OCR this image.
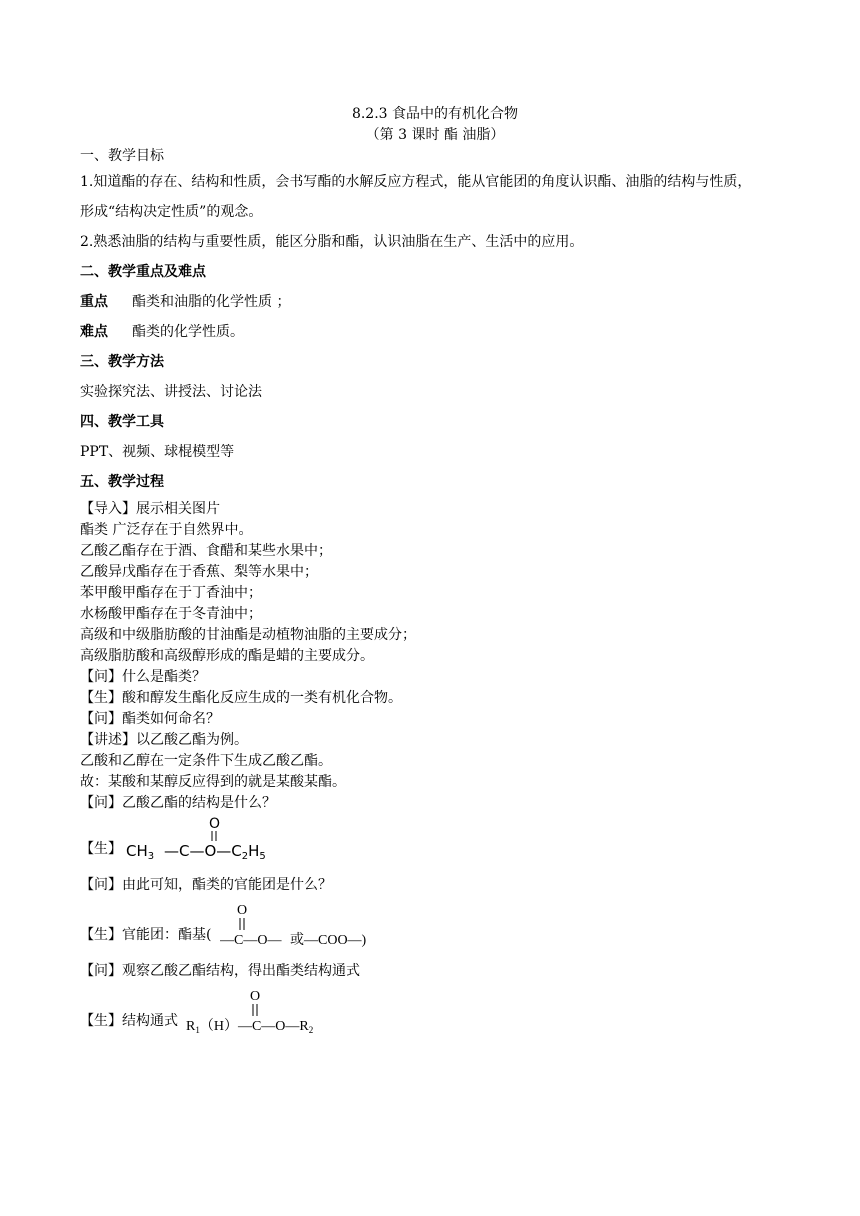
8.2.3 食品中的有机化合物
（第 3 课时 酯 油脂）
一、教学目标
1.知道酯的存在、结构和性质，会书写酯的水解反应方程式，能从官能团的角度认识酯、油脂的结构与性质，
形成“结构决定性质”的观念。
2.熟悉油脂的结构与重要性质，能区分脂和酯，认识油脂在生产、生活中的应用。
二、教学重点及难点
重点 酯类和油脂的化学性质 ；
难点 酯类的化学性质。
三、教学方法
实验探究法、讲授法、讨论法
四、教学工具
PPT、视频、球棍模型等
五、教学过程
【导入】展示相关图片
酯类 广泛存在于自然界中。
乙酸乙酯存在于酒、食醋和某些水果中；
乙酸异戊酯存在于香蕉、梨等水果中；
苯甲酸甲酯存在于丁香油中；
水杨酸甲酯存在于冬青油中；
高级和中级脂肪酸的甘油酯是动植物油脂的主要成分；
高级脂肪酸和高级醇形成的酯是蜡的主要成分。
【问】什么是酯类？
【生】酸和醇发生酯化反应生成的一类有机化合物。
【问】酯类如何命名？
【讲述】以乙酸乙酯为例。
乙酸和乙醇在一定条件下生成乙酸乙酯。
故：某酸和某醇反应得到的就是某酸某酯。
【问】乙酸乙酯的结构是什么？
【生】
O
$CH_3$ $—C—O—C_2H_5$
【问】由此可知，酯类的官能团是什么？
【生】官能团：酯基(
O
—C—O— 或—COO—)
【问】观察乙酸乙酯结构，得出酯类结构通式
【生】结构通式
O
$R_1(H)—C—O—R_2$
